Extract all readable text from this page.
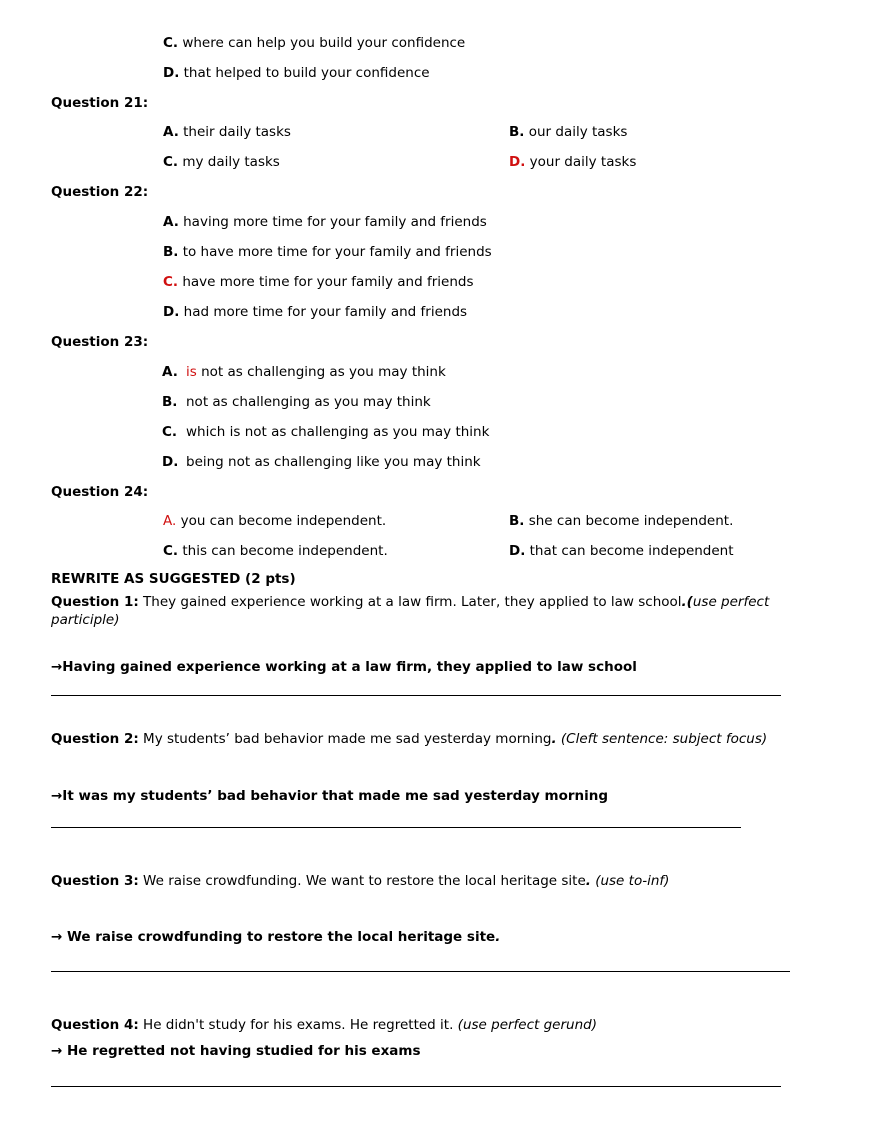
C. where can help you build your confidence
D. that helped to build your confidence
Question 21:
A. their daily tasks	B. our daily tasks
C. my daily tasks	D. your daily tasks
Question 22:
A. having more time for your family and friends
B. to have more time for your family and friends
C. have more time for your family and friends
D. had more time for your family and friends
Question 23:
A. is not as challenging as you may think
B. not as challenging as you may think
C. which is not as challenging as you may think
D. being not as challenging like you may think
Question 24:
A. you can become independent.	B. she can become independent.
C. this can become independent.	D. that can become independent
REWRITE AS SUGGESTED (2 pts)
Question 1: They gained experience working at a law firm. Later, they applied to law school.(use perfect
participle)
→Having gained experience working at a law firm, they applied to law school
Question 2: My students’ bad behavior made me sad yesterday morning. (Cleft sentence: subject focus)
→It was my students’ bad behavior that made me sad yesterday morning
Question 3: We raise crowdfunding. We want to restore the local heritage site. (use to-inf)
→ We raise crowdfunding to restore the local heritage site.
Question 4: He didn't study for his exams. He regretted it. (use perfect gerund)
→ He regretted not having studied for his exams
